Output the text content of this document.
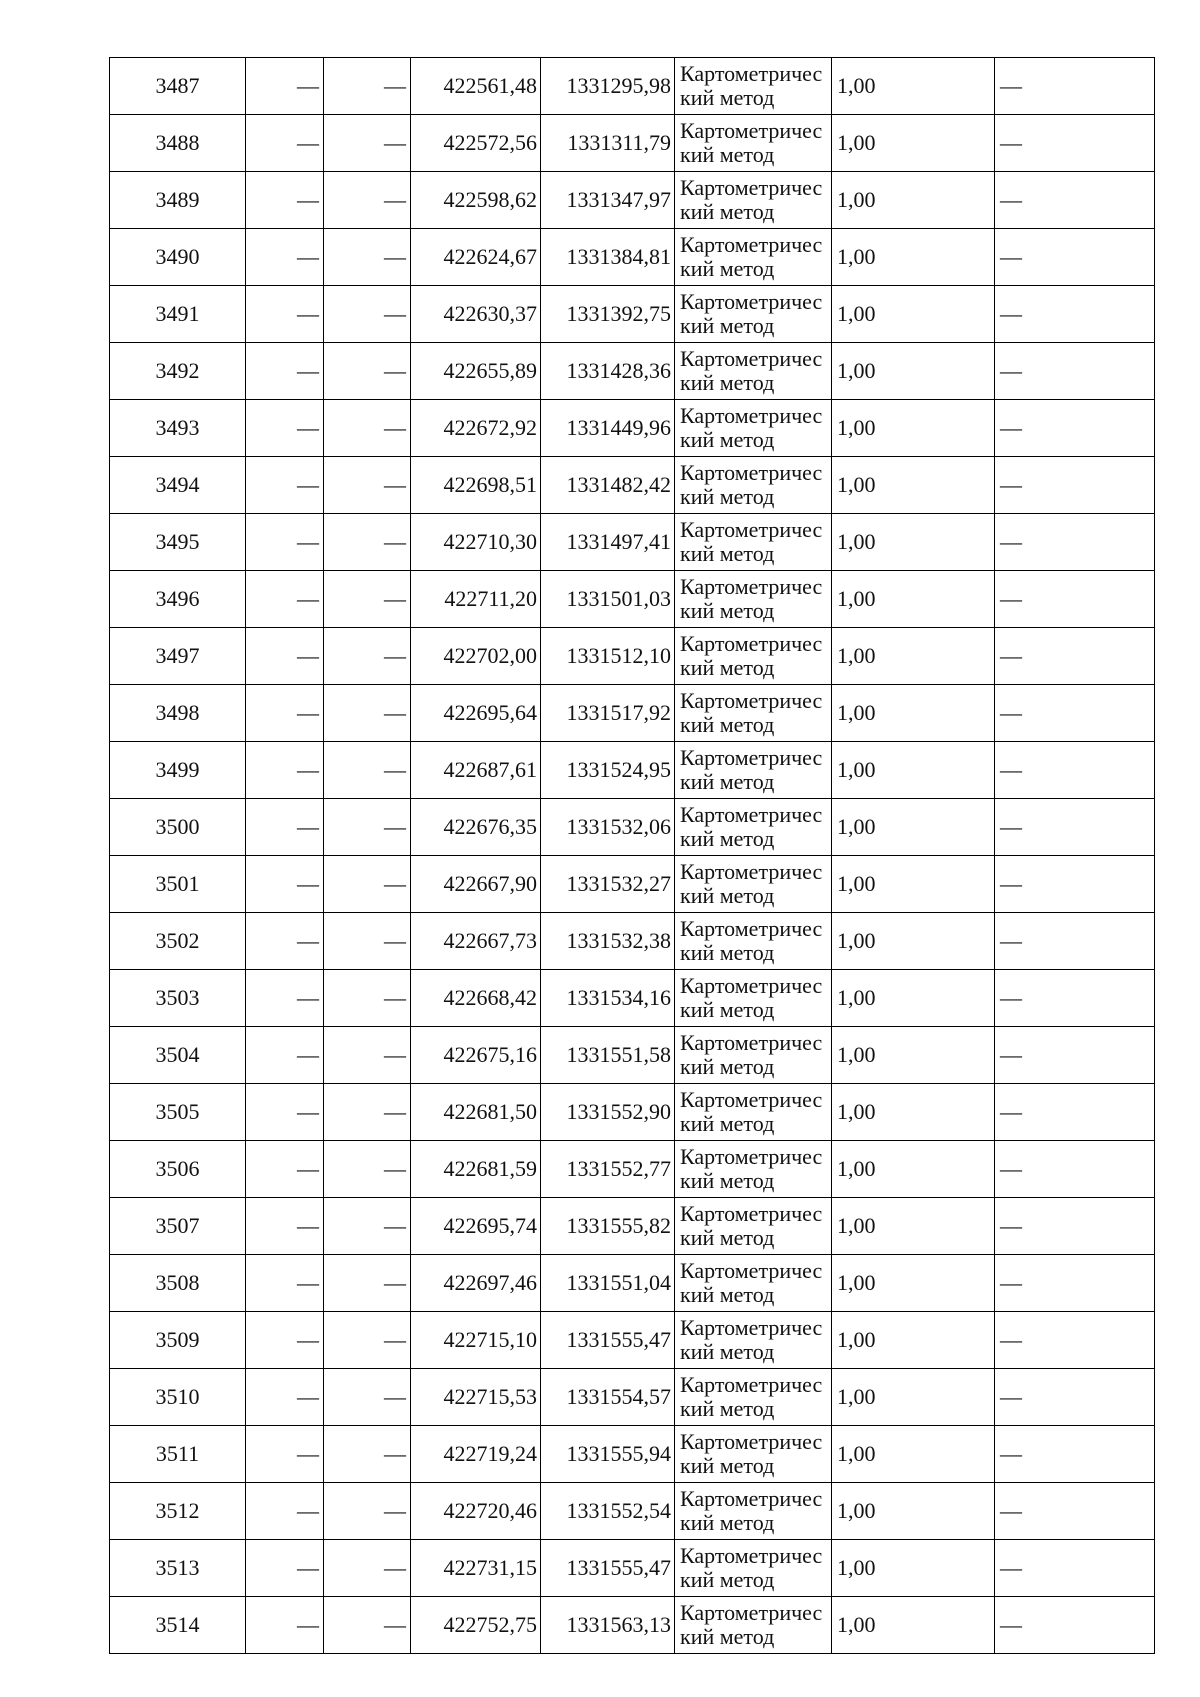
3487	—	—	422561,48	1331295,98	Картометрический метод	1,00	—
3488	—	—	422572,56	1331311,79	Картометрический метод	1,00	—
3489	—	—	422598,62	1331347,97	Картометрический метод	1,00	—
3490	—	—	422624,67	1331384,81	Картометрический метод	1,00	—
3491	—	—	422630,37	1331392,75	Картометрический метод	1,00	—
3492	—	—	422655,89	1331428,36	Картометрический метод	1,00	—
3493	—	—	422672,92	1331449,96	Картометрический метод	1,00	—
3494	—	—	422698,51	1331482,42	Картометрический метод	1,00	—
3495	—	—	422710,30	1331497,41	Картометрический метод	1,00	—
3496	—	—	422711,20	1331501,03	Картометрический метод	1,00	—
3497	—	—	422702,00	1331512,10	Картометрический метод	1,00	—
3498	—	—	422695,64	1331517,92	Картометрический метод	1,00	—
3499	—	—	422687,61	1331524,95	Картометрический метод	1,00	—
3500	—	—	422676,35	1331532,06	Картометрический метод	1,00	—
3501	—	—	422667,90	1331532,27	Картометрический метод	1,00	—
3502	—	—	422667,73	1331532,38	Картометрический метод	1,00	—
3503	—	—	422668,42	1331534,16	Картометрический метод	1,00	—
3504	—	—	422675,16	1331551,58	Картометрический метод	1,00	—
3505	—	—	422681,50	1331552,90	Картометрический метод	1,00	—
3506	—	—	422681,59	1331552,77	Картометрический метод	1,00	—
3507	—	—	422695,74	1331555,82	Картометрический метод	1,00	—
3508	—	—	422697,46	1331551,04	Картометрический метод	1,00	—
3509	—	—	422715,10	1331555,47	Картометрический метод	1,00	—
3510	—	—	422715,53	1331554,57	Картометрический метод	1,00	—
3511	—	—	422719,24	1331555,94	Картометрический метод	1,00	—
3512	—	—	422720,46	1331552,54	Картометрический метод	1,00	—
3513	—	—	422731,15	1331555,47	Картометрический метод	1,00	—
3514	—	—	422752,75	1331563,13	Картометрический метод	1,00	—
